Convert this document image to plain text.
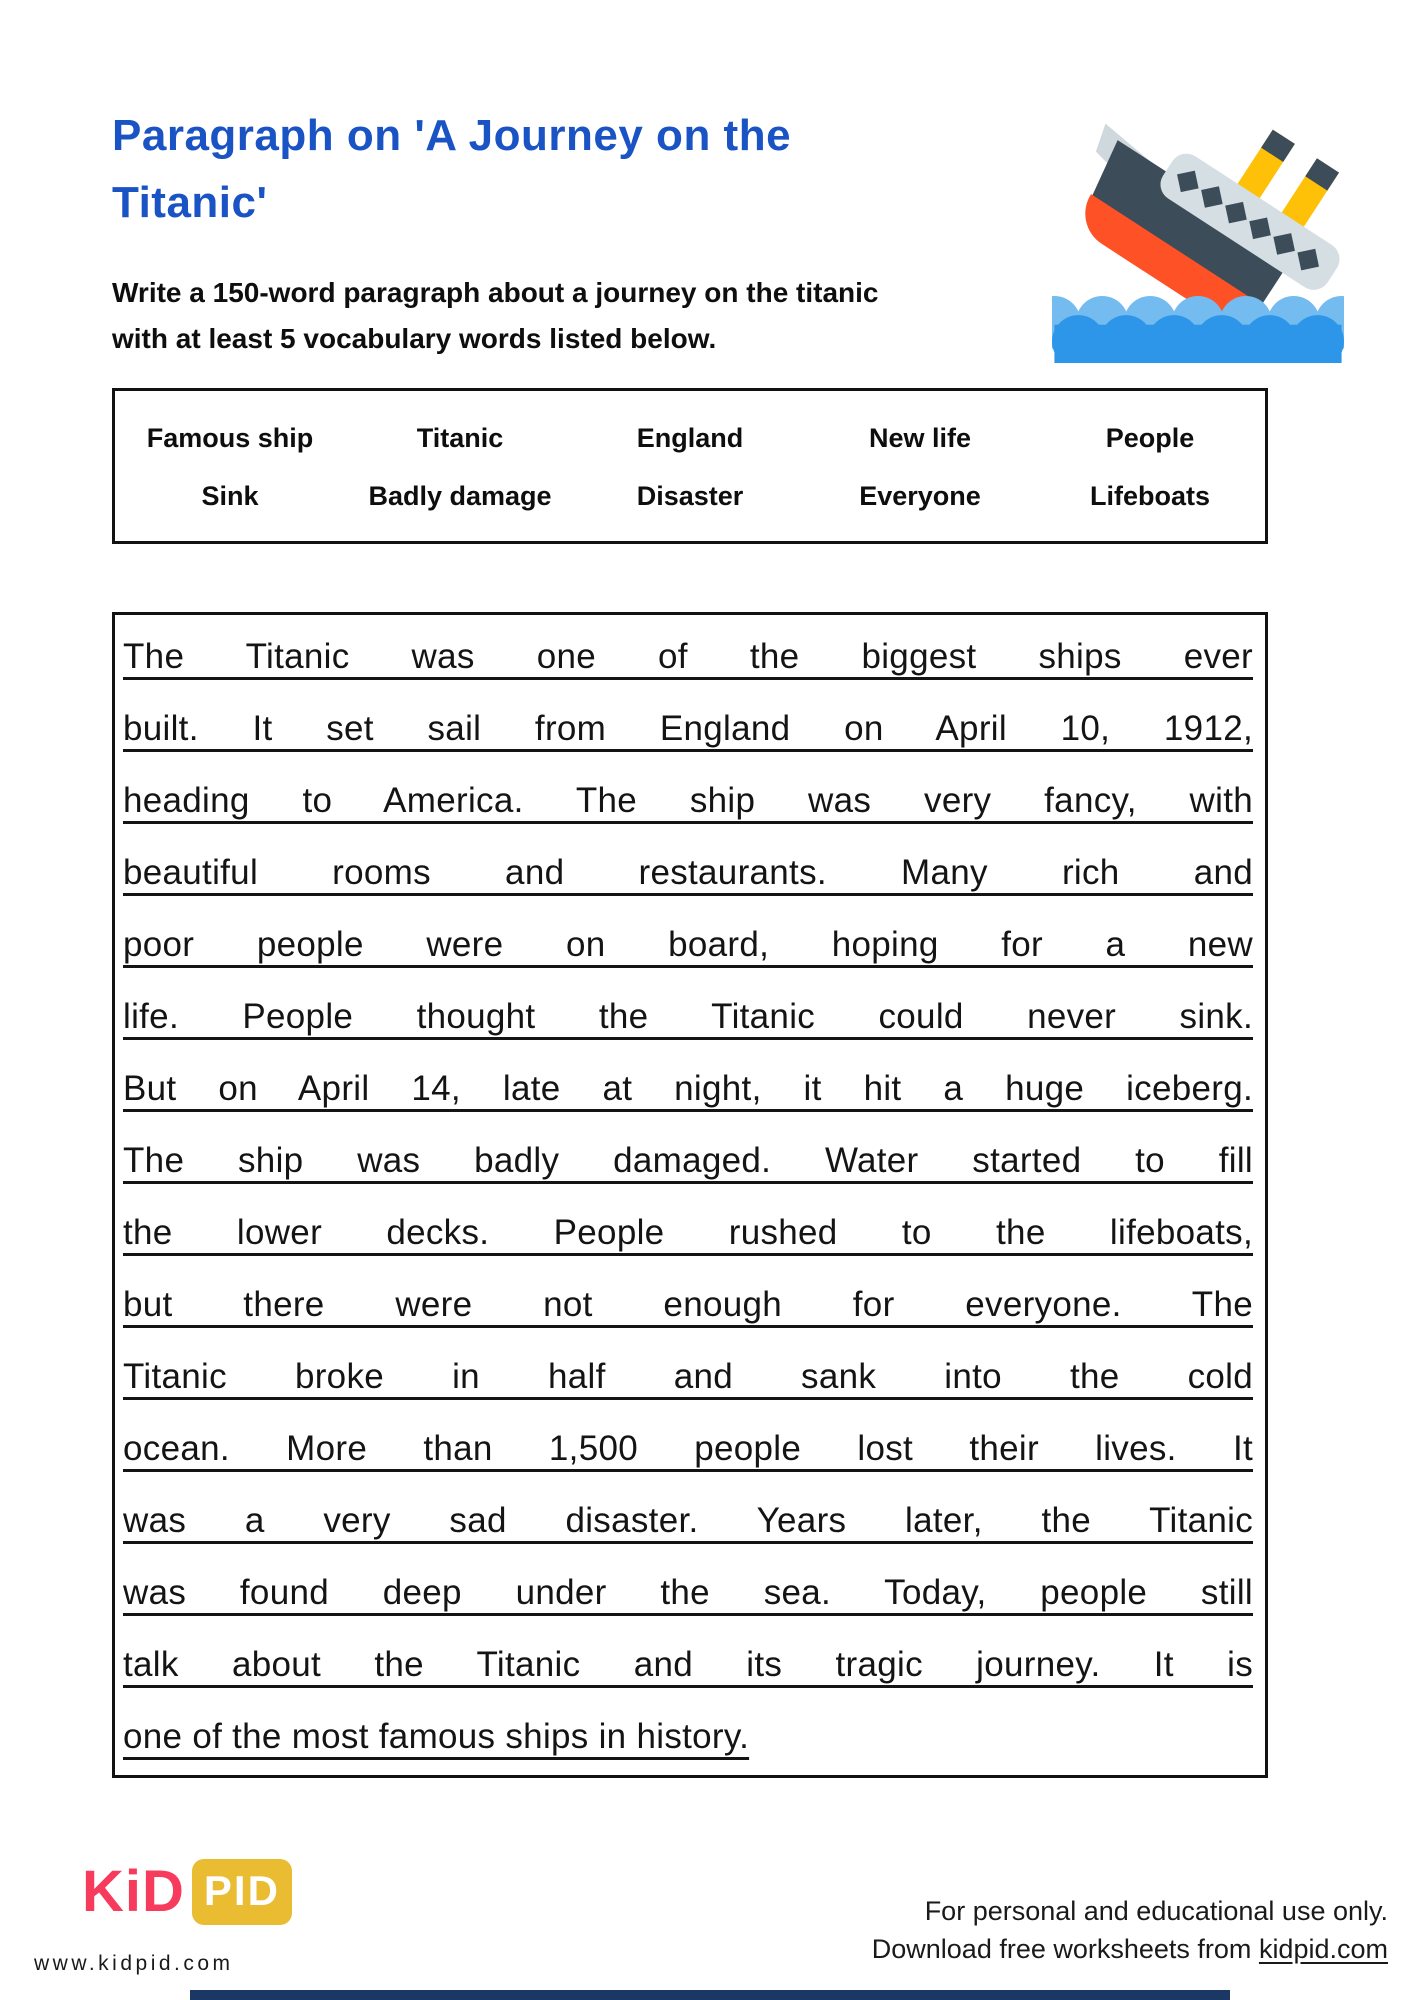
Paragraph on 'A Journey on the
Titanic'
Write a 150-word paragraph about a journey on the titanic
with at least 5 vocabulary words listed below.
Famous ship	Titanic	England	New life	People
Sink	Badly damage	Disaster	Everyone	Lifeboats
The Titanic was one of the biggest ships ever
built. It set sail from England on April 10, 1912,
heading to America. The ship was very fancy, with
beautiful rooms and restaurants. Many rich and
poor people were on board, hoping for a new
life. People thought the Titanic could never sink.
But on April 14, late at night, it hit a huge iceberg.
The ship was badly damaged. Water started to fill
the lower decks. People rushed to the lifeboats,
but there were not enough for everyone. The
Titanic broke in half and sank into the cold
ocean. More than 1,500 people lost their lives. It
was a very sad disaster. Years later, the Titanic
was found deep under the sea. Today, people still
talk about the Titanic and its tragic journey. It is
one of the most famous ships in history.
KiD PID
www.kidpid.com
For personal and educational use only.
Download free worksheets from kidpid.com
